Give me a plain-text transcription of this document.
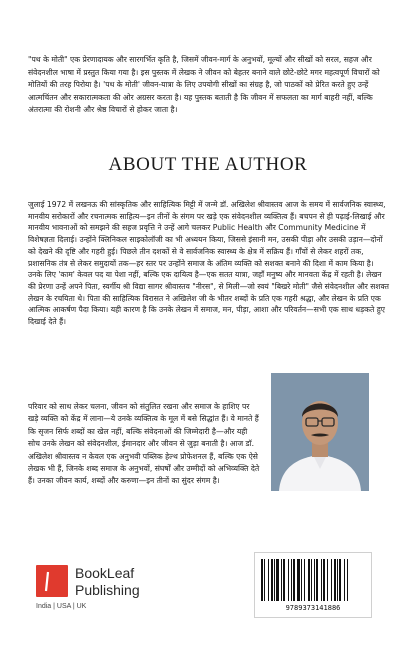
"पथ के मोती" एक प्रेरणादायक और सारगर्भित कृति है, जिसमें जीवन-मार्ग के अनुभवों, मूल्यों और सीखों को सरल, सहज और संवेदनशील भाषा में प्रस्तुत किया गया है। इस पुस्तक में लेखक ने जीवन को बेहतर बनाने वाले छोटे-छोटे मगर महत्वपूर्ण विचारों को मोतियों की तरह पिरोया है। 'पथ के मोती' जीवन-यात्रा के लिए उपयोगी सीखों का संग्रह है, जो पाठकों को प्रेरित करते हुए उन्हें आत्मचिंतन और सकारात्मकता की ओर अग्रसर करता है। यह पुस्तक बताती है कि जीवन में सफलता का मार्ग बाहरी नहीं, बल्कि अंतरात्मा की रोशनी और श्रेष्ठ विचारों से होकर जाता है।

ABOUT THE AUTHOR

जुलाई 1972 में लखनऊ की सांस्कृतिक और साहित्यिक मिट्टी में जन्मे डॉ. अखिलेश श्रीवास्तव आज के समय में सार्वजनिक स्वास्थ्य, मानवीय सरोकारों और रचनात्मक साहित्य—इन तीनों के संगम पर खड़े एक संवेदनशील व्यक्तित्व हैं। बचपन से ही पढ़ाई-लिखाई और मानवीय भावनाओं को समझने की सहज प्रवृत्ति ने उन्हें आगे चलकर Public Health और Community Medicine में विशेषज्ञता दिलाई। उन्होंने क्लिनिकल साइकोलॉजी का भी अध्ययन किया, जिससे इंसानी मन, उसकी पीड़ा और उसकी उड़ान—दोनों को देखने की दृष्टि और गहरी हुई। पिछले तीन दशकों से वे सार्वजनिक स्वास्थ्य के क्षेत्र में सक्रिय हैं। गाँवों से लेकर शहरों तक, प्रशासनिक तंत्र से लेकर समुदायों तक—हर स्तर पर उन्होंने समाज के अंतिम व्यक्ति को सशक्त बनाने की दिशा में काम किया है। उनके लिए 'काम' केवल पद या पेशा नहीं, बल्कि एक दायित्व है—एक सतत यात्रा, जहाँ मनुष्य और मानवता केंद्र में रहती है। लेखन की प्रेरणा उन्हें अपने पिता, स्वर्गीय श्री विद्या सागर श्रीवास्तव "नीरस", से मिली—जो स्वयं "बिखरे मोती" जैसे संवेदनशील और सशक्त लेखन के रचयिता थे। पिता की साहित्यिक विरासत ने अखिलेश जी के भीतर शब्दों के प्रति एक गहरी श्रद्धा, और लेखन के प्रति एक आत्मिक आकर्षण पैदा किया। यही कारण है कि उनके लेखन में समाज, मन, पीड़ा, आशा और परिवर्तन—सभी एक साथ धड़कते हुए दिखाई देते हैं।

परिवार को साथ लेकर चलना, जीवन को संतुलित रखना और समाज के हाशिए पर खड़े व्यक्ति को केंद्र में लाना—ये उनके व्यक्तित्व के मूल में बसे सिद्धांत हैं। वे मानते हैं कि सृजन सिर्फ शब्दों का खेल नहीं, बल्कि संवेदनाओं की जिम्मेदारी है—और यही सोच उनके लेखन को संवेदनशील, ईमानदार और जीवन से जुड़ा बनाती है। आज डॉ. अखिलेश श्रीवास्तव न केवल एक अनुभवी पब्लिक हेल्थ प्रोफेशनल हैं, बल्कि एक ऐसे लेखक भी हैं, जिनके शब्द समाज के अनुभवों, संघर्षों और उम्मीदों को अभिव्यक्ति देते हैं। उनका जीवन कार्य, शब्दों और करुणा—इन तीनों का सुंदर संगम है।

BookLeaf
Publishing
India | USA | UK	9789373141886
